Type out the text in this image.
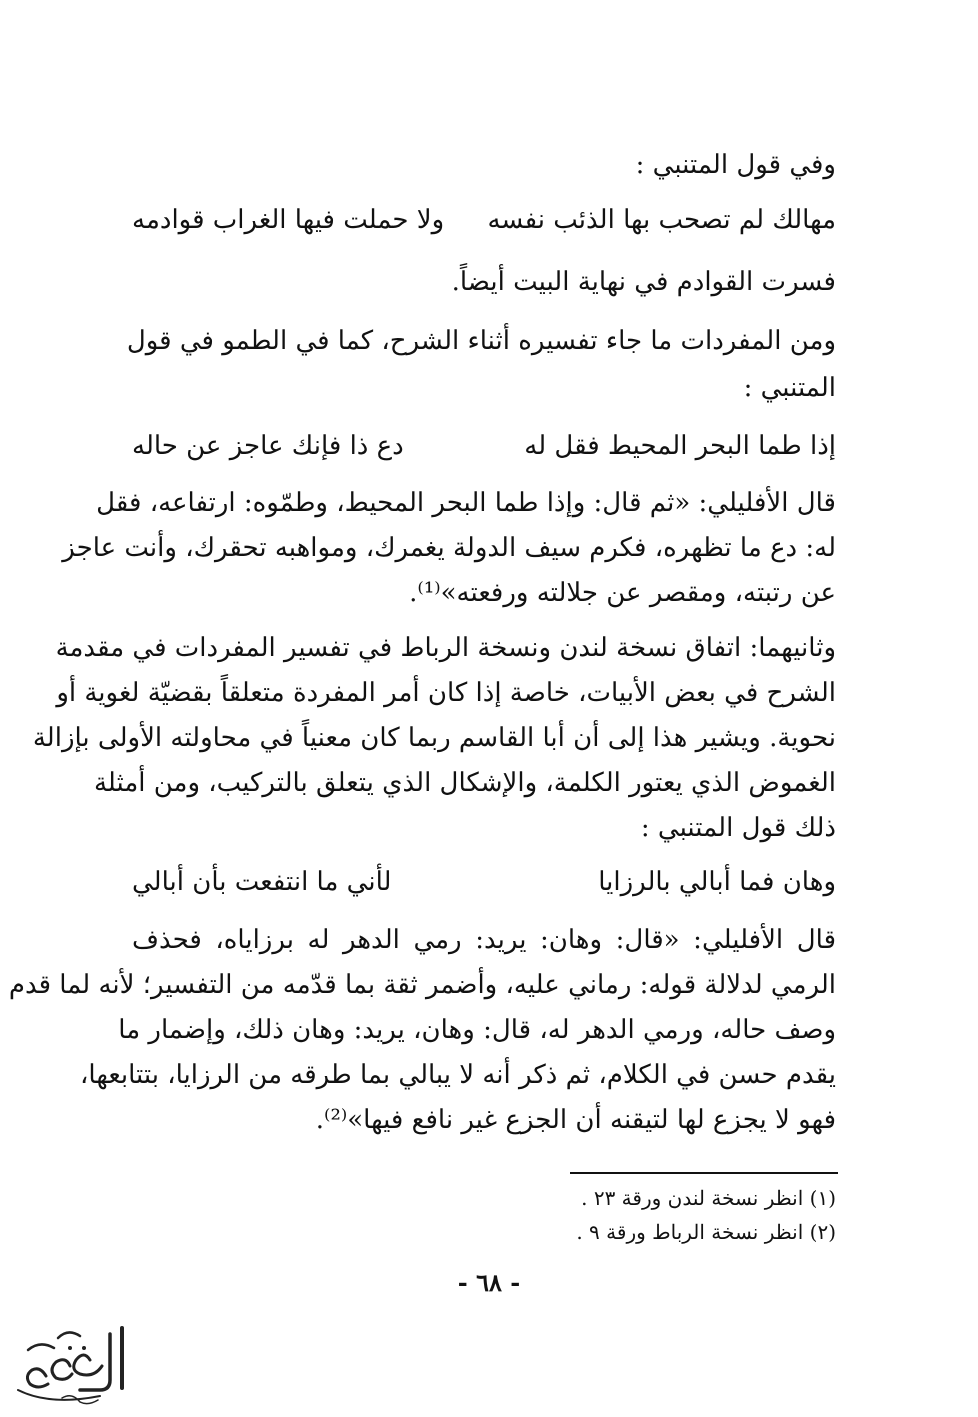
وفي قول المتنبي :
مهالك لم تصحب بها الذئب نفسه
ولا حملت فيها الغراب قوادمه
فسرت القوادم في نهاية البيت أيضاً.
ومن المفردات ما جاء تفسيره أثناء الشرح، كما في الطمو في قول
المتنبي :
إذا طما البحر المحيط فقل له
دع ذا فإنك عاجز عن حاله
قال الأفليلي: «ثم قال: وإذا طما البحر المحيط، وطمّوه: ارتفاعه، فقل
له: دع ما تظهره، فكرم سيف الدولة يغمرك، ومواهبه تحقرك، وأنت عاجز
عن رتبته، ومقصر عن جلالته ورفعته»⁽¹⁾.
وثانيهما: اتفاق نسخة لندن ونسخة الرباط في تفسير المفردات في مقدمة
الشرح في بعض الأبيات، خاصة إذا كان أمر المفردة متعلقاً بقضيّة لغوية أو
نحوية. ويشير هذا إلى أن أبا القاسم ربما كان معنياً في محاولته الأولى بإزالة
الغموض الذي يعتور الكلمة، والإشكال الذي يتعلق بالتركيب، ومن أمثلة
ذلك قول المتنبي :
وهان فما أبالي بالرزايا
لأني ما انتفعت بأن أبالي
قال الأفليلي: «قال: وهان: يريد: رمي الدهر له برزاياه، فحذف
الرمي لدلالة قوله: رماني عليه، وأضمر ثقة بما قدّمه من التفسير؛ لأنه لما قدم
وصف حاله، ورمي الدهر له، قال: وهان، يريد: وهان ذلك، وإضمار ما
يقدم حسن في الكلام، ثم ذكر أنه لا يبالي بما طرقه من الرزايا، بتتابعها،
فهو لا يجزع لها لتيقنه أن الجزع غير نافع فيها»⁽²⁾.
(١) انظر نسخة لندن ورقة ٢٣ .
(٢) انظر نسخة الرباط ورقة ٩ .
- ٦٨ -
